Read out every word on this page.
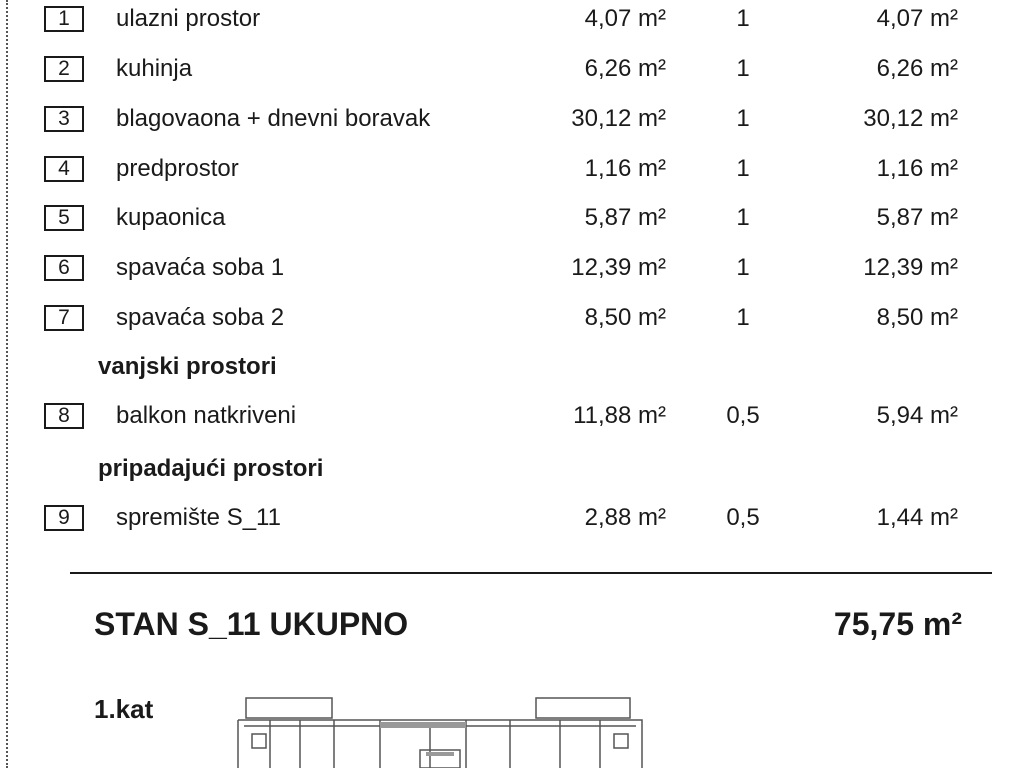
1	ulazni prostor	4,07 m²	1	4,07 m²
2	kuhinja	6,26 m²	1	6,26 m²
3	blagovaona + dnevni boravak	30,12 m²	1	30,12 m²
4	predprostor	1,16 m²	1	1,16 m²
5	kupaonica	5,87 m²	1	5,87 m²
6	spavaća soba 1	12,39 m²	1	12,39 m²
7	spavaća soba 2	8,50 m²	1	8,50 m²
vanjski prostori
8	balkon natkriveni	11,88 m²	0,5	5,94 m²
pripadajući prostori
9	spremište S_11	2,88 m²	0,5	1,44 m²
STAN S_11 UKUPNO	75,75 m²
1.kat
